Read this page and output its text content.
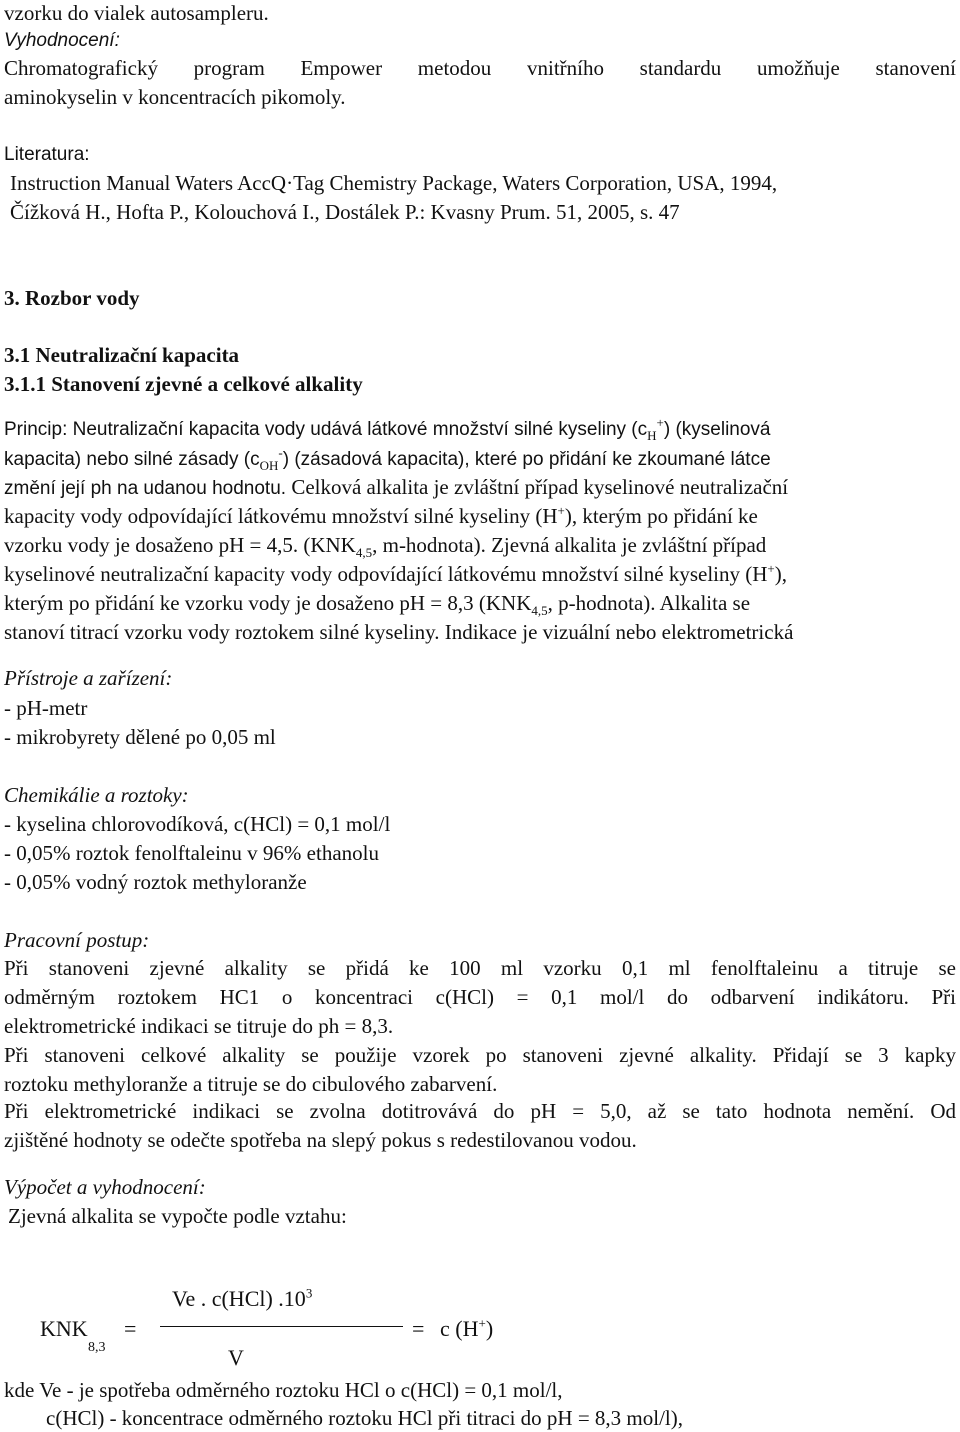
vzorku do vialek autosampleru.
Vyhodnocení:
Chromatografický program Empower metodou vnitřního standardu umožňuje stanovení
aminokyselin v koncentracích pikomoly.
Literatura:
Instruction Manual Waters AccQ·Tag Chemistry Package, Waters Corporation, USA, 1994,
Čížková H., Hofta P., Kolouchová I., Dostálek P.: Kvasny Prum. 51, 2005, s. 47
3. Rozbor vody
3.1 Neutralizační kapacita
3.1.1 Stanovení zjevné a celkové alkality
Princip: Neutralizační kapacita vody udává látkové množství silné kyseliny $(c_H^+)$ (kyselinová
kapacita) nebo silné zásady $(c_{OH}^-)$ (zásadová kapacita), které po přidání ke zkoumané látce
změní její ph na udanou hodnotu. Celková alkalita je zvláštní případ kyselinové neutralizační
kapacity vody odpovídající látkovému množství silné kyseliny (H+), kterým po přidání ke
vzorku vody je dosaženo pH = 4,5. ($KNK_{4,5}$, m-hodnota). Zjevná alkalita je zvláštní případ
kyselinové neutralizační kapacity vody odpovídající látkovému množství silné kyseliny (H+),
kterým po přidání ke vzorku vody je dosaženo pH = 8,3 ($KNK_{4,5}$, p-hodnota). Alkalita se
stanoví titrací vzorku vody roztokem silné kyseliny. Indikace je vizuální nebo elektrometrická
Přístroje a zařízení:
- pH-metr
- mikrobyrety dělené po 0,05 ml
Chemikálie a roztoky:
- kyselina chlorovodíková, c(HCl) = 0,1 mol/l
- 0,05% roztok fenolftaleinu v 96% ethanolu
- 0,05% vodný roztok methyloranže
Pracovní postup:
Při stanoveni zjevné alkality se přidá ke 100 ml vzorku 0,1 ml fenolftaleinu a titruje se
odměrným roztokem HC1 o koncentraci c(HCl) = 0,1 mol/l do odbarvení indikátoru. Při
elektrometrické indikaci se titruje do ph = 8,3.
Při stanoveni celkové alkality se použije vzorek po stanoveni zjevné alkality. Přidají se 3 kapky
roztoku methyloranže a titruje se do cibulového zabarvení.
Při elektrometrické indikaci se zvolna dotitrovává do pH = 5,0, až se tato hodnota nemění. Od
zjištěné hodnoty se odečte spotřeba na slepý pokus s redestilovanou vodou.
Výpočet a vyhodnocení:
Zjevná alkalita se vypočte podle vztahu:
Ve . c(HCl) $.10^3$
KNK
8,3
=	= c (H+)
V
kde Ve - je spotřeba odměrného roztoku HCl o c(HCl) = 0,1 mol/l,
c(HCl) - koncentrace odměrného roztoku HCl při titraci do pH = 8,3 mol/l),
